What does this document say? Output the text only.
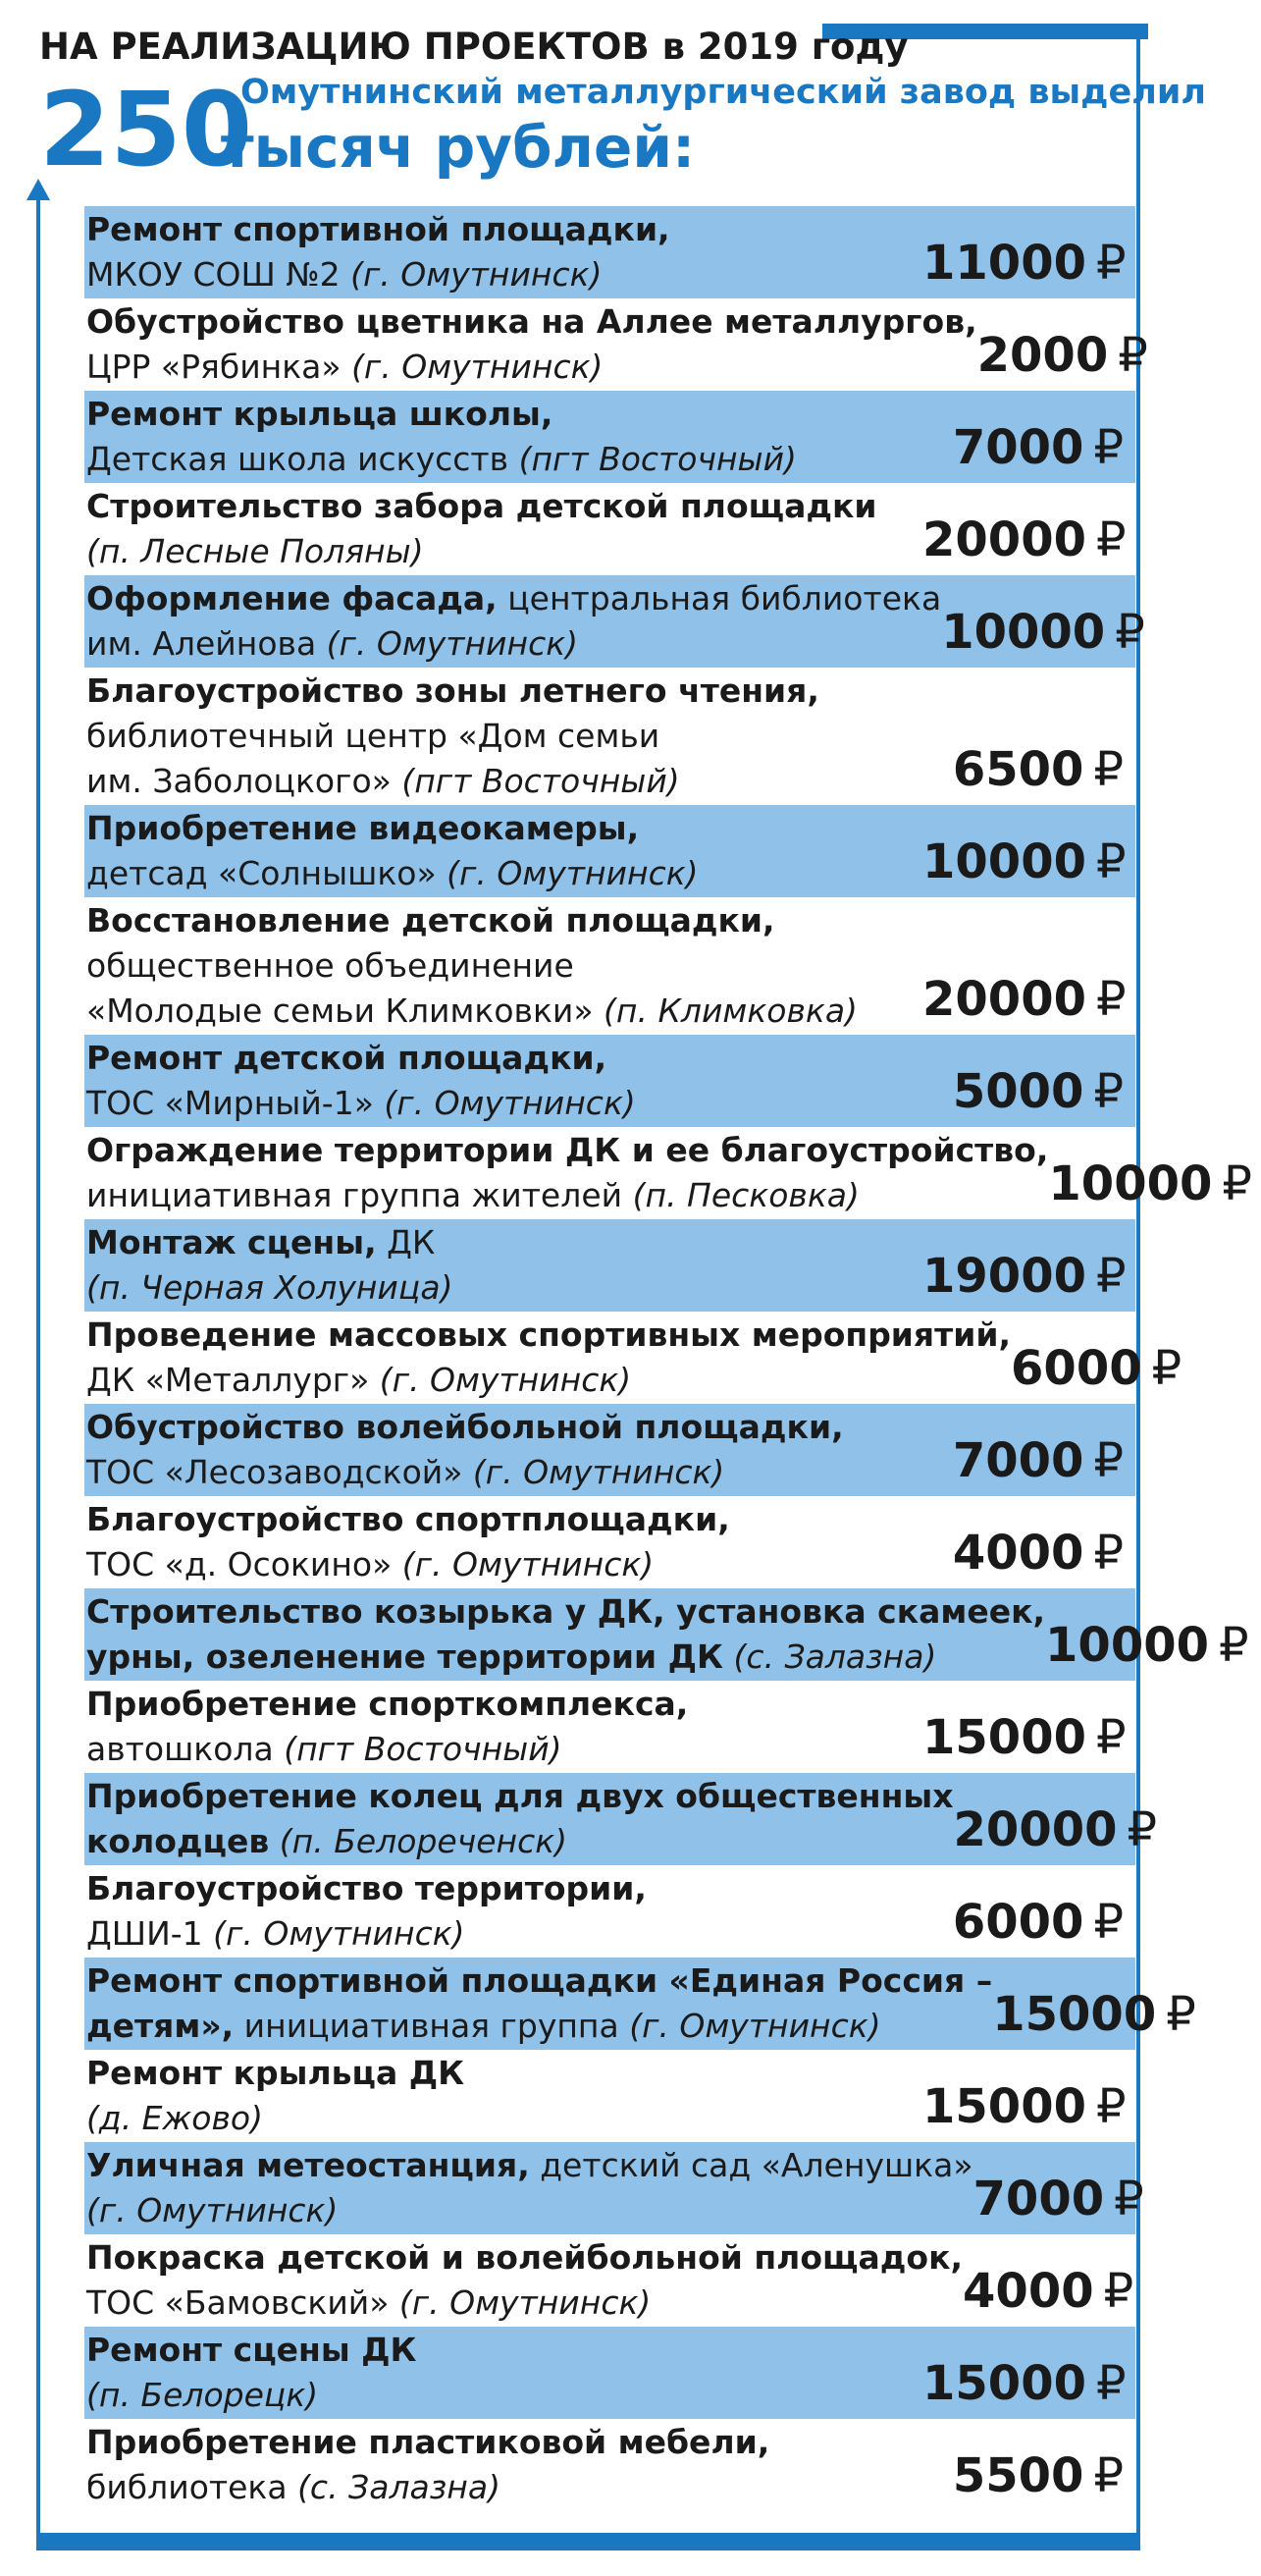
НА РЕАЛИЗАЦИЮ ПРОЕКТОВ в 2019 году
250
Омутнинский металлургический завод выделил
тысяч рублей:
Ремонт спортивной площадки,
МКОУ СОШ №2 (г. Омутнинск)	11000 ₽
Обустройство цветника на Аллее металлургов,
ЦРР «Рябинка» (г. Омутнинск)	2000 ₽
Ремонт крыльца школы,
Детская школа искусств (пгт Восточный)	7000 ₽
Строительство забора детской площадки
(п. Лесные Поляны)	20000 ₽
Оформление фасада, центральная библиотека
им. Алейнова (г. Омутнинск)	10000 ₽
Благоустройство зоны летнего чтения,
библиотечный центр «Дом семьи
им. Заболоцкого» (пгт Восточный)	6500 ₽
Приобретение видеокамеры,
детсад «Солнышко» (г. Омутнинск)	10000 ₽
Восстановление детской площадки,
общественное объединение
«Молодые семьи Климковки» (п. Климковка)	20000 ₽
Ремонт детской площадки,
ТОС «Мирный-1» (г. Омутнинск)	5000 ₽
Ограждение территории ДК и ее благоустройство,
инициативная группа жителей (п. Песковка)	10000 ₽
Монтаж сцены, ДК
(п. Черная Холуница)	19000 ₽
Проведение массовых спортивных мероприятий,
ДК «Металлург» (г. Омутнинск)	6000 ₽
Обустройство волейбольной площадки,
ТОС «Лесозаводской» (г. Омутнинск)	7000 ₽
Благоустройство спортплощадки,
ТОС «д. Осокино» (г. Омутнинск)	4000 ₽
Строительство козырька у ДК, установка скамеек,
урны, озеленение территории ДК (с. Залазна)	10000 ₽
Приобретение спорткомплекса,
автошкола (пгт Восточный)	15000 ₽
Приобретение колец для двух общественных
колодцев (п. Белореченск)	20000 ₽
Благоустройство территории,
ДШИ-1 (г. Омутнинск)	6000 ₽
Ремонт спортивной площадки «Единая Россия –
детям», инициативная группа (г. Омутнинск)	15000 ₽
Ремонт крыльца ДК
(д. Ежово)	15000 ₽
Уличная метеостанция, детский сад «Аленушка»
(г. Омутнинск)	7000 ₽
Покраска детской и волейбольной площадок,
ТОС «Бамовский» (г. Омутнинск)	4000 ₽
Ремонт сцены ДК
(п. Белорецк)	15000 ₽
Приобретение пластиковой мебели,
библиотека (с. Залазна)	5500 ₽
